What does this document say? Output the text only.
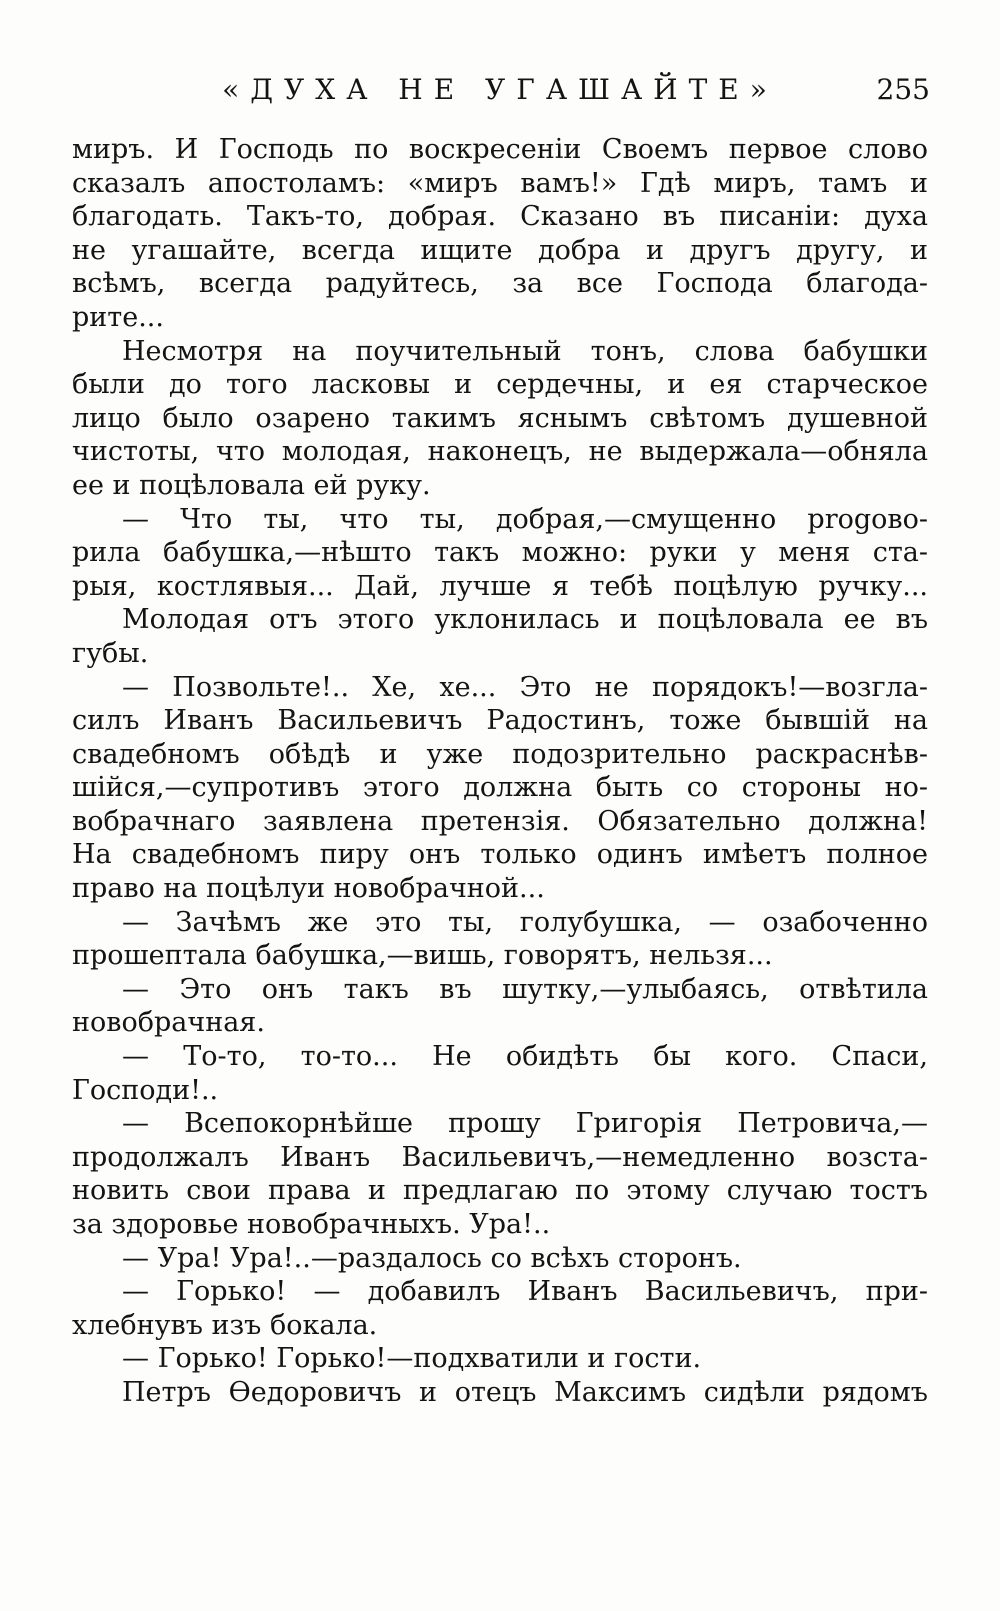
«ДУХА НЕ УГАШАЙТЕ»	255
миръ. И Господь по воскресеніи Своемъ первое слово
сказалъ апостоламъ: «миръ вамъ!» Гдѣ миръ, тамъ и
благодать. Такъ-то, добрая. Сказано въ писаніи: духа
не угашайте, всегда ищите добра и другъ другу, и
всѣмъ, всегда радуйтесь, за все Господа благода-
рите...
Несмотря на поучительный тонъ, слова бабушки
были до того ласковы и сердечны, и ея старческое
лицо было озарено такимъ яснымъ свѣтомъ душевной
чистоты, что молодая, наконецъ, не выдержала—обняла
ее и поцѣловала ей руку.
— Что ты, что ты, добрая,—смущенно progово-
рила бабушка,—нѣшто такъ можно: руки у меня ста-
рыя, костлявыя... Дай, лучше я тебѣ поцѣлую ручку...
Молодая отъ этого уклонилась и поцѣловала ее въ
губы.
— Позвольте!.. Хе, хе... Это не порядокъ!—возгла-
силъ Иванъ Васильевичъ Радостинъ, тоже бывшій на
свадебномъ обѣдѣ и уже подозрительно раскраснѣв-
шійся,—супротивъ этого должна быть со стороны но-
вобрачнаго заявлена претензія. Обязательно должна!
На свадебномъ пиру онъ только одинъ имѣетъ полное
право на поцѣлуи новобрачной...
— Зачѣмъ же это ты, голубушка, — озабоченно
прошептала бабушка,—вишь, говорятъ, нельзя...
— Это онъ такъ въ шутку,—улыбаясь, отвѣтила
новобрачная.
— То-то, то-то... Не обидѣть бы кого. Спаси,
Господи!..
— Всепокорнѣйше прошу Григорія Петровича,—
продолжалъ Иванъ Васильевичъ,—немедленно возста-
новить свои права и предлагаю по этому случаю тостъ
за здоровье новобрачныхъ. Ура!..
— Ура! Ура!..—раздалось со всѣхъ сторонъ.
— Горько! — добавилъ Иванъ Васильевичъ, при-
хлебнувъ изъ бокала.
— Горько! Горько!—подхватили и гости.
Петръ Ѳедоровичъ и отецъ Максимъ сидѣли рядомъ
